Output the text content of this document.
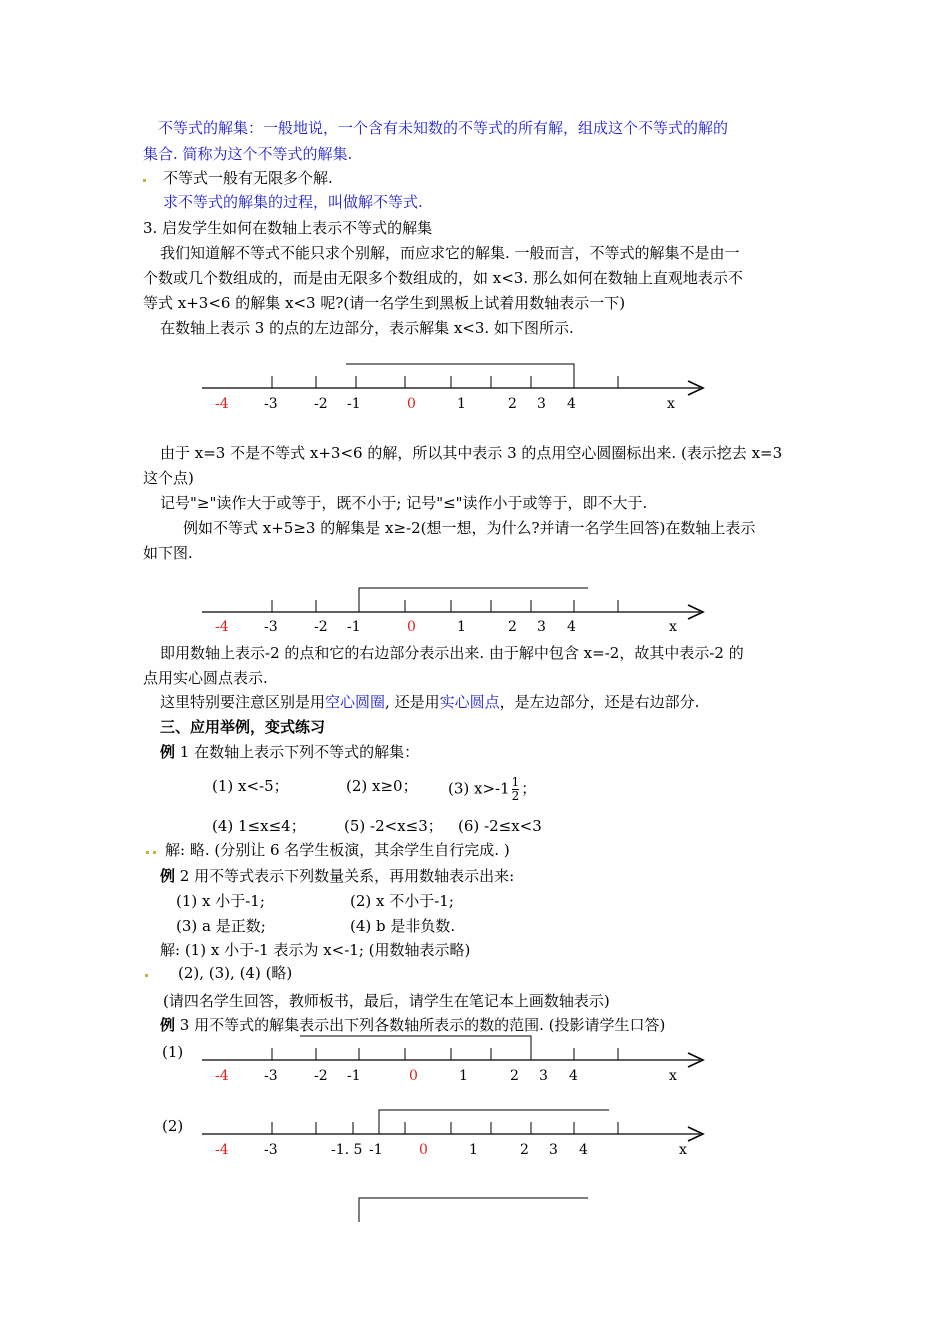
不等式的解集：一般地说，一个含有未知数的不等式的所有解，组成这个不等式的解的
集合. 简称为这个不等式的解集.
不等式一般有无限多个解.
求不等式的解集的过程，叫做解不等式.
3. 启发学生如何在数轴上表示不等式的解集
我们知道解不等式不能只求个别解，而应求它的解集. 一般而言，不等式的解集不是由一
个数或几个数组成的，而是由无限多个数组成的，如 x<3. 那么如何在数轴上直观地表示不
等式 x+3<6 的解集 x<3 呢?(请一名学生到黑板上试着用数轴表示一下)
在数轴上表示 3 的点的左边部分，表示解集 x<3. 如下图所示.
-4	-3	-2 -1	0	1	2 3 4	x
-4	-3	-2 -1	0	1	2 3 4	x
-4	-3	-2 -1	0	1	2 3 4	x
-4	-3	-1. 5 -1	0	1	2 3 4	x
由于 x=3 不是不等式 x+3<6 的解，所以其中表示 3 的点用空心圆圈标出来. (表示挖去 x=3
这个点)
记号"≥"读作大于或等于，既不小于; 记号"≤"读作小于或等于，即不大于.
例如不等式 x+5≥3 的解集是 x≥-2(想一想，为什么?并请一名学生回答)在数轴上表示
如下图.
即用数轴上表示-2 的点和它的右边部分表示出来. 由于解中包含 x=-2，故其中表示-2 的
点用实心圆点表示.
这里特别要注意区别是用空心圆圈, 还是用实心圆点，是左边部分，还是右边部分.
三、应用举例，变式练习
例 1 在数轴上表示下列不等式的解集：
(1) x<-5；	(2) x≥0； (3) $x>-1 \frac{1}{2}$ ；
(4) 1≤x≤4；	(5) -2<x≤3； (6) -2≤x<3
解: 略. (分别让 6 名学生板演，其余学生自行完成. )
例 2 用不等式表示下列数量关系，再用数轴表示出来:
(1) x 小于-1;	(2) x 不小于-1;
(3) a 是正数;	(4) b 是非负数.
解: (1) x 小于-1 表示为 x<-1; (用数轴表示略)
(2), (3), (4) (略)
(请四名学生回答，教师板书，最后，请学生在笔记本上画数轴表示)
例 3 用不等式的解集表示出下列各数轴所表示的数的范围. (投影请学生口答)
(1)
(2)
